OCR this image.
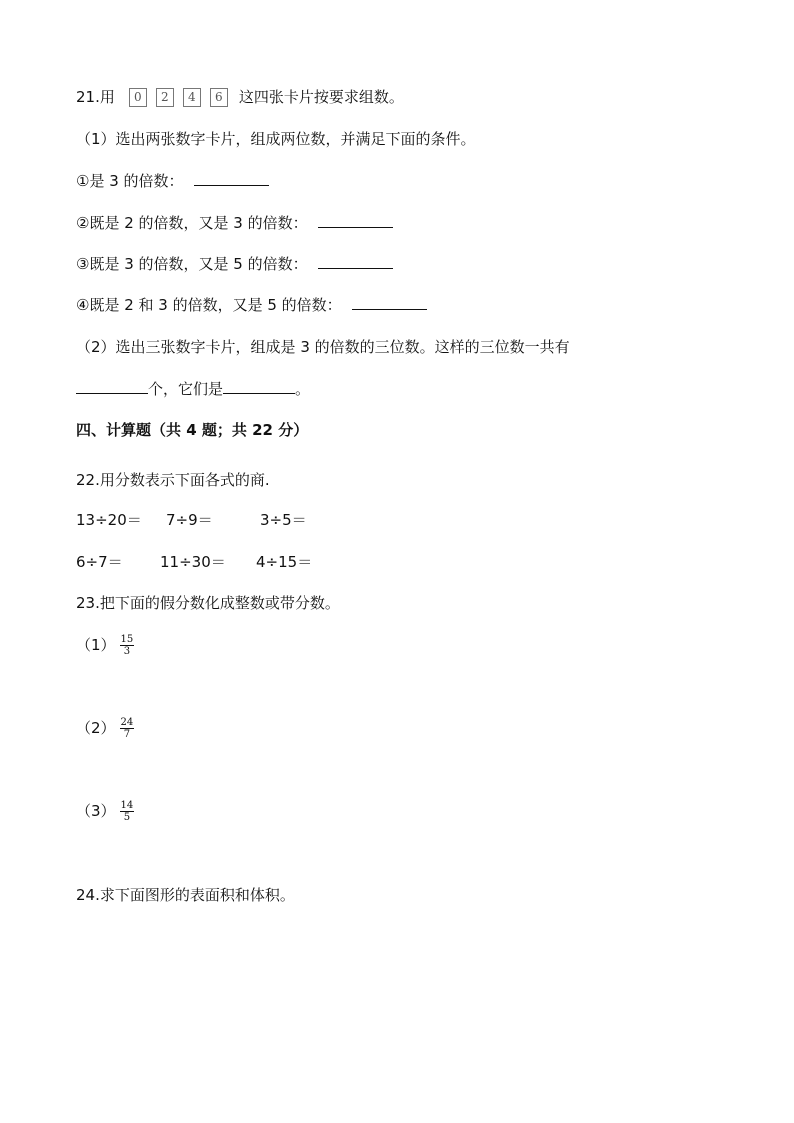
21.用 0 2 4 6 这四张卡片按要求组数。
（1）选出两张数字卡片，组成两位数，并满足下面的条件。
①是 3 的倍数：
②既是 2 的倍数，又是 3 的倍数：
③既是 3 的倍数，又是 5 的倍数：
④既是 2 和 3 的倍数，又是 5 的倍数：
（2）选出三张数字卡片，组成是 3 的倍数的三位数。这样的三位数一共有
个，它们是	。
四、计算题（共 4 题；共 22 分）
22.用分数表示下面各式的商.
13÷20＝ 7÷9＝	3÷5＝
6÷7＝ 11÷30＝ 4÷15＝
23.把下面的假分数化成整数或带分数。
$(1) \frac{15}{3}$
$(2) \frac{24}{7}$
$(3) \frac{14}{5}$
24.求下面图形的表面积和体积。
